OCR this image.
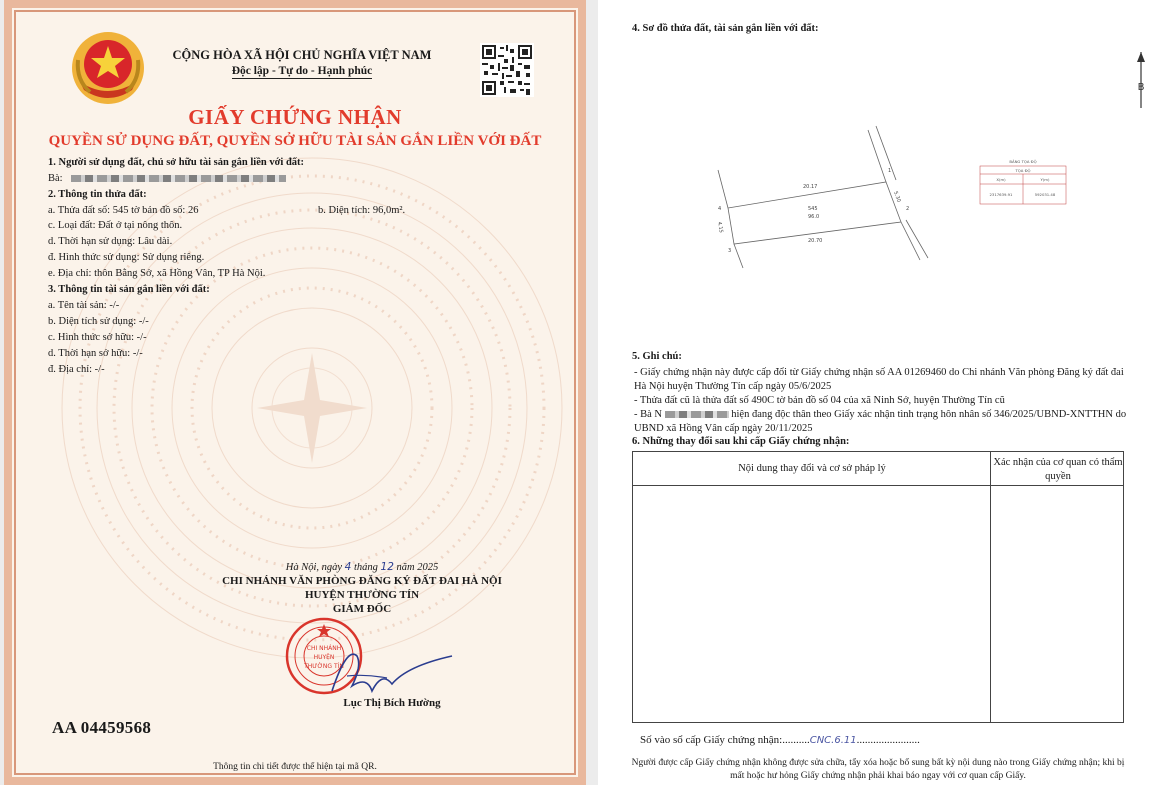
CỘNG HÒA XÃ HỘI CHỦ NGHĨA VIỆT NAM
Độc lập - Tự do - Hạnh phúc
GIẤY CHỨNG NHẬN
QUYỀN SỬ DỤNG ĐẤT, QUYỀN SỞ HỮU TÀI SẢN GẮN LIỀN VỚI ĐẤT
1. Người sử dụng đất, chủ sở hữu tài sản gắn liền với đất:
Bà:
2. Thông tin thửa đất:
a. Thửa đất số: 545 tờ bản đồ số: 26	b. Diện tích: 96,0m².
c. Loại đất: Đất ở tại nông thôn.
d. Thời hạn sử dụng: Lâu dài.
đ. Hình thức sử dụng: Sử dụng riêng.
e. Địa chỉ: thôn Bằng Sở, xã Hồng Vân, TP Hà Nội.
3. Thông tin tài sản gắn liền với đất:
a. Tên tài sản: -/-
b. Diện tích sử dụng: -/-
c. Hình thức sở hữu: -/-
d. Thời hạn sở hữu: -/-
đ. Địa chỉ: -/-
Hà Nội, ngày 4 tháng 12 năm 2025
CHI NHÁNH VĂN PHÒNG ĐĂNG KÝ ĐẤT ĐAI HÀ NỘI
HUYỆN THƯỜNG TÍN
GIÁM ĐỐC
CHI NHÁNH
HUYỆN
THƯỜNG TÍN
Lục Thị Bích Hường
AA 04459568
Thông tin chi tiết được thể hiện tại mã QR.
4. Sơ đồ thửa đất, tài sản gắn liền với đất:
B
20.17
20.70
5.30
4.15
545
96.0
1
2
3
4
BẢNG TỌA ĐỘ
TỌA ĐỘ
X(m)	Y(m)
2317639.91	592031.48
5. Ghi chú:
- Giấy chứng nhận này được cấp đổi từ Giấy chứng nhận số AA 01269460 do Chi nhánh Văn phòng Đăng ký đất đai Hà Nội huyện Thường Tín cấp ngày 05/6/2025
- Thửa đất cũ là thửa đất số 490C tờ bản đồ số 04 của xã Ninh Sở, huyện Thường Tín cũ
- Bà N	hiện đang độc thân theo Giấy xác nhận tình trạng hôn nhân số 346/2025/UBND-XNTTHN do UBND xã Hồng Vân cấp ngày 20/11/2025
6. Những thay đổi sau khi cấp Giấy chứng nhận:
Nội dung thay đổi và cơ sở pháp lý
Xác nhận của cơ quan có thẩm quyền
Số vào sổ cấp Giấy chứng nhận:..........CNC.6.11.......................
Người được cấp Giấy chứng nhận không được sửa chữa, tẩy xóa hoặc bổ sung bất kỳ nội dung nào trong Giấy chứng nhận; khi bị mất hoặc hư hỏng Giấy chứng nhận phải khai báo ngay với cơ quan cấp Giấy.
